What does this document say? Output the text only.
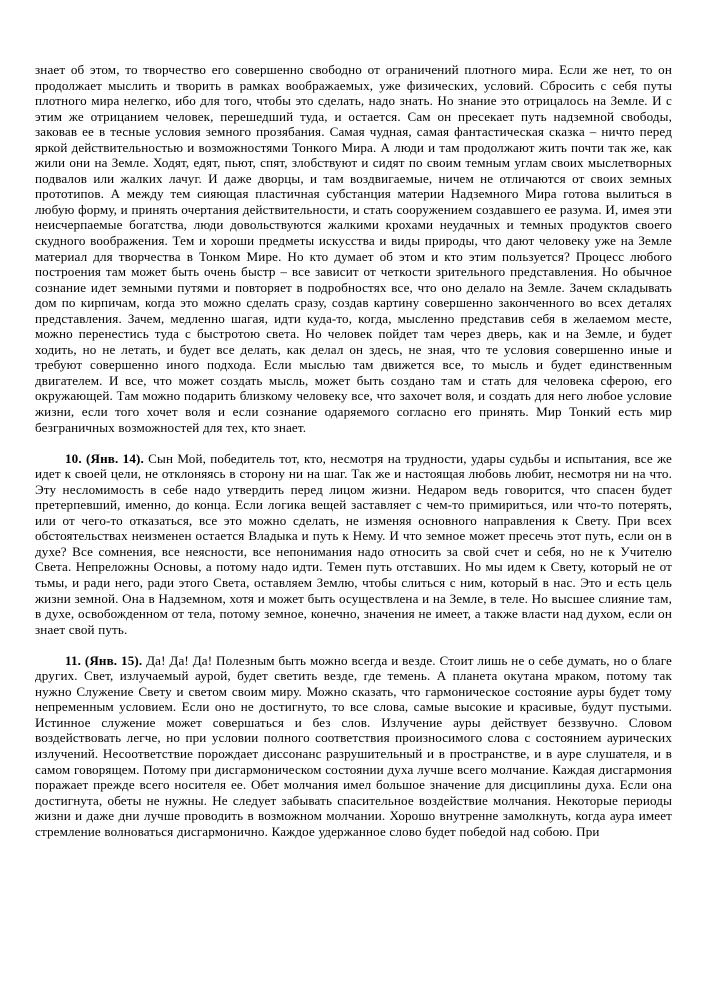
знает об этом, то творчество его совершенно свободно от ограничений плотного мира. Если же нет, то он продолжает мыслить и творить в рамках воображаемых, уже физических, условий. Сбросить с себя путы плотного мира нелегко, ибо для того, чтобы это сделать, надо знать. Но знание это отрицалось на Земле. И с этим же отрицанием человек, перешедший туда, и остается. Сам он пресекает путь надземной свободы, заковав ее в тесные условия земного прозябания. Самая чудная, самая фантастическая сказка – ничто перед яркой действительностью и возможностями Тонкого Мира. А люди и там продолжают жить почти так же, как жили они на Земле. Ходят, едят, пьют, спят, злобствуют и сидят по своим темным углам своих мыслетворных подвалов или жалких лачуг. И даже дворцы, и там воздвигаемые, ничем не отличаются от своих земных прототипов. А между тем сияющая пластичная субстанция материи Надземного Мира готова вылиться в любую форму, и принять очертания действительности, и стать сооружением создавшего ее разума. И, имея эти неисчерпаемые богатства, люди довольствуются жалкими крохами неудачных и темных продуктов своего скудного воображения. Тем и хороши предметы искусства и виды природы, что дают человеку уже на Земле материал для творчества в Тонком Мире. Но кто думает об этом и кто этим пользуется? Процесс любого построения там может быть очень быстр – все зависит от четкости зрительного представления. Но обычное сознание идет земными путями и повторяет в подробностях все, что оно делало на Земле. Зачем складывать дом по кирпичам, когда это можно сделать сразу, создав картину совершенно законченного во всех деталях представления. Зачем, медленно шагая, идти куда-то, когда, мысленно представив себя в желаемом месте, можно перенестись туда с быстротою света. Но человек пойдет там через дверь, как и на Земле, и будет ходить, но не летать, и будет все делать, как делал он здесь, не зная, что те условия совершенно иные и требуют совершенно иного подхода. Если мыслью там движется все, то мысль и будет единственным двигателем. И все, что может создать мысль, может быть создано там и стать для человека сферою, его окружающей. Там можно подарить близкому человеку все, что захочет воля, и создать для него любое условие жизни, если того хочет воля и если сознание одаряемого согласно его принять. Мир Тонкий есть мир безграничных возможностей для тех, кто знает.

10. (Янв. 14). Сын Мой, победитель тот, кто, несмотря на трудности, удары судьбы и испытания, все же идет к своей цели, не отклоняясь в сторону ни на шаг. Так же и настоящая любовь любит, несмотря ни на что. Эту несломимость в себе надо утвердить перед лицом жизни. Недаром ведь говорится, что спасен будет претерпевший, именно, до конца. Если логика вещей заставляет с чем-то примириться, или что-то потерять, или от чего-то отказаться, все это можно сделать, не изменяя основного направления к Свету. При всех обстоятельствах неизменен остается Владыка и путь к Нему. И что земное может пресечь этот путь, если он в духе? Все сомнения, все неясности, все непонимания надо относить за свой счет и себя, но не к Учителю Света. Непреложны Основы, а потому надо идти. Темен путь отставших. Но мы идем к Свету, который не от тьмы, и ради него, ради этого Света, оставляем Землю, чтобы слиться с ним, который в нас. Это и есть цель жизни земной. Она в Надземном, хотя и может быть осуществлена и на Земле, в теле. Но высшее слияние там, в духе, освобожденном от тела, потому земное, конечно, значения не имеет, а также власти над духом, если он знает свой путь.

11. (Янв. 15). Да! Да! Да! Полезным быть можно всегда и везде. Стоит лишь не о себе думать, но о благе других. Свет, излучаемый аурой, будет светить везде, где темень. А планета окутана мраком, потому так нужно Служение Свету и светом своим миру. Можно сказать, что гармоническое состояние ауры будет тому непременным условием. Если оно не достигнуто, то все слова, самые высокие и красивые, будут пустыми. Истинное служение может совершаться и без слов. Излучение ауры действует беззвучно. Словом воздействовать легче, но при условии полного соответствия произносимого слова с состоянием аурических излучений. Несоответствие порождает диссонанс разрушительный и в пространстве, и в ауре слушателя, и в самом говорящем. Потому при дисгармоническом состоянии духа лучше всего молчание. Каждая дисгармония поражает прежде всего носителя ее. Обет молчания имел большое значение для дисциплины духа. Если она достигнута, обеты не нужны. Не следует забывать спасительное воздействие молчания. Некоторые периоды жизни и даже дни лучше проводить в возможном молчании. Хорошо внутренне замолкнуть, когда аура имеет стремление волноваться дисгармонично. Каждое удержанное слово будет победой над собою. При
